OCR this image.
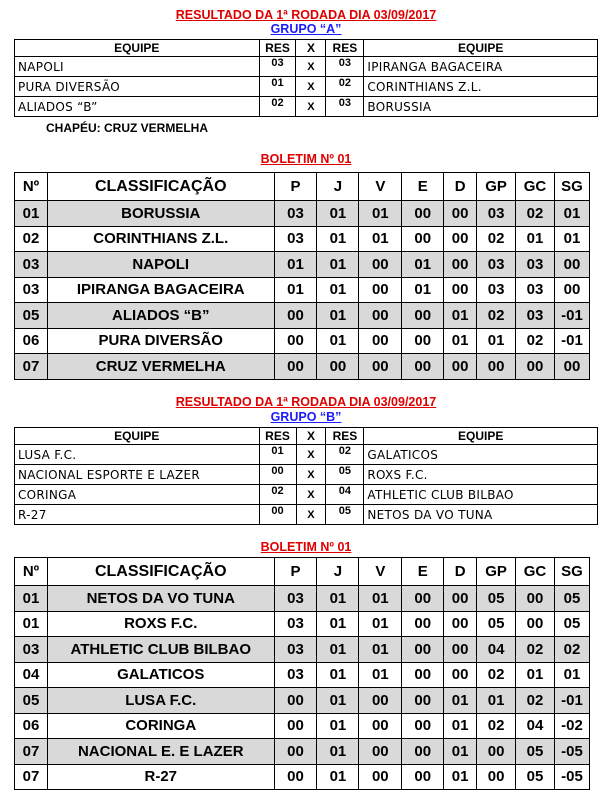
RESULTADO DA 1ª RODADA DIA 03/09/2017
GRUPO “A”
EQUIPE	RES	X	RES	EQUIPE
NAPOLI	03	X	03	IPIRANGA BAGACEIRA
PURA DIVERSÃO	01	X	02	CORINTHIANS Z.L.
ALIADOS “B”	02	X	03	BORUSSIA
CHAPÉU: CRUZ VERMELHA
BOLETIM Nº 01
Nº	CLASSIFICAÇÃO	P	J	V	E	D	GP	GC	SG
01	BORUSSIA	03	01	01	00	00	03	02	01
02	CORINTHIANS Z.L.	03	01	01	00	00	02	01	01
03	NAPOLI	01	01	00	01	00	03	03	00
03	IPIRANGA BAGACEIRA	01	01	00	01	00	03	03	00
05	ALIADOS “B”	00	01	00	00	01	02	03	-01
06	PURA DIVERSÃO	00	01	00	00	01	01	02	-01
07	CRUZ VERMELHA	00	00	00	00	00	00	00	00
RESULTADO DA 1ª RODADA DIA 03/09/2017
GRUPO “B”
EQUIPE	RES	X	RES	EQUIPE
LUSA F.C.	01	X	02	GALATICOS
NACIONAL ESPORTE E LAZER	00	X	05	ROXS F.C.
CORINGA	02	X	04	ATHLETIC CLUB BILBAO
R-27	00	X	05	NETOS DA VO TUNA
BOLETIM Nº 01
Nº	CLASSIFICAÇÃO	P	J	V	E	D	GP	GC	SG
01	NETOS DA VO TUNA	03	01	01	00	00	05	00	05
01	ROXS F.C.	03	01	01	00	00	05	00	05
03	ATHLETIC CLUB BILBAO	03	01	01	00	00	04	02	02
04	GALATICOS	03	01	01	00	00	02	01	01
05	LUSA F.C.	00	01	00	00	01	01	02	-01
06	CORINGA	00	01	00	00	01	02	04	-02
07	NACIONAL E. E LAZER	00	01	00	00	01	00	05	-05
07	R-27	00	01	00	00	01	00	05	-05
